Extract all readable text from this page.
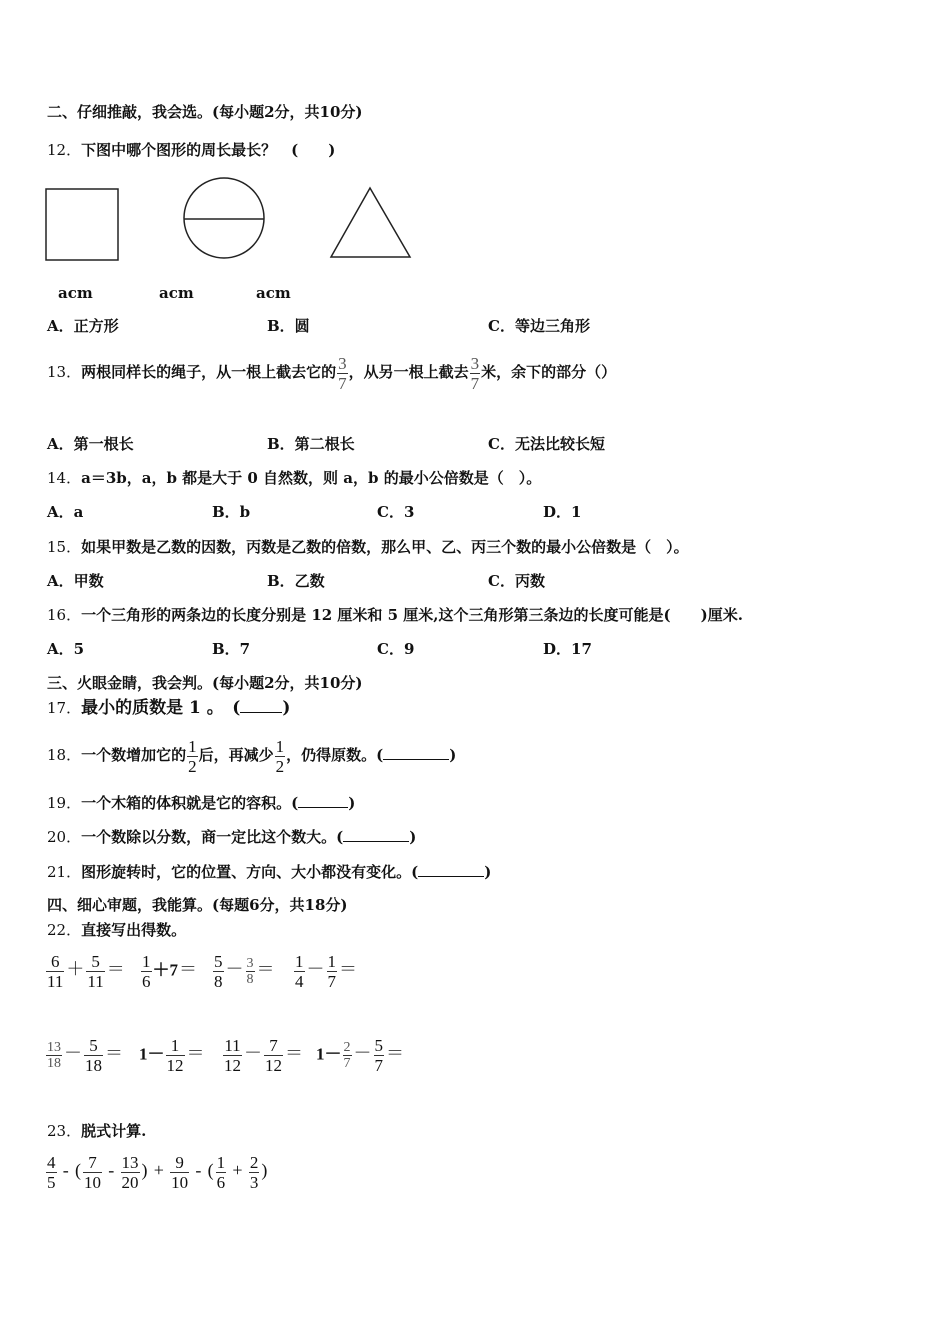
二、仔细推敲，我会选。(每小题2分，共10分)
12．下图中哪个图形的周长最长？　(　　)
acm	acm	acm
A．正方形	B．圆	C．等边三角形
13．两根同样长的绳子，从一根上截去它的 $\frac{3}{7}$ ，从另一根上截去 $\frac{3}{7}$ 米，余下的部分（）
A．第一根长	B．第二根长	C．无法比较长短
14．a＝3b，a，b 都是大于 0 自然数，则 a，b 的最小公倍数是（　）。
A．a	B．b	C．3	D．1
15．如果甲数是乙数的因数，丙数是乙数的倍数，那么甲、乙、丙三个数的最小公倍数是（　）。
A．甲数	B．乙数	C．丙数
16．一个三角形的两条边的长度分别是 12 厘米和 5 厘米,这个三角形第三条边的长度可能是(　　)厘米.
A．5	B．7	C．9	D．17
三、火眼金睛，我会判。(每小题2分，共10分)
17．最小的质数是 1 。　( )
18．一个数增加它的 $\frac{1}{2}$ 后，再减少 $\frac{1}{2}$ ，仍得原数。(	)
19．一个木箱的体积就是它的容积。(	)
20．一个数除以分数，商一定比这个数大。(	)
21．图形旋转时，它的位置、方向、大小都没有变化。(	)
四、细心审题，我能算。(每题6分，共18分)
22．直接写出得数。
$\frac{6}{11} + \frac{5}{11} = \frac{1}{6} +7= \frac{5}{8} - \frac{3}{8} = \frac{1}{4} - \frac{1}{7}$ ＝
$\frac{13}{18} - \frac{5}{18} = 1- \frac{1}{12} = \frac{11}{12} - \frac{7}{12} = 1- \frac{2}{7} - \frac{5}{7}$ ＝
23．脱式计算.
$\frac{4}{5}$ - ( $\frac{7}{10} - \frac{13}{20}$ ) + $\frac{9}{10}$ - ( $\frac{1}{6} + \frac{2}{3}$ )
